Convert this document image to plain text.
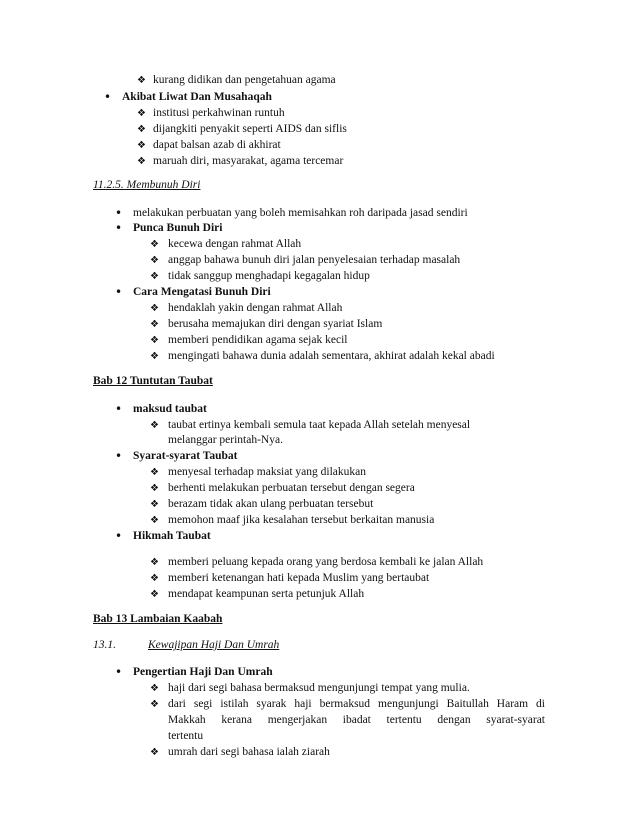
❖ kurang didikan dan pengetahuan agama
• Akibat Liwat Dan Musahaqah
❖ institusi perkahwinan runtuh
❖ dijangkiti penyakit seperti AIDS dan siflis
❖ dapat balsan azab di akhirat
❖ maruah diri, masyarakat, agama tercemar
11.2.5. Membunuh Diri
• melakukan perbuatan yang boleh memisahkan roh daripada jasad sendiri
• Punca Bunuh Diri
❖ kecewa dengan rahmat Allah
❖ anggap bahawa bunuh diri jalan penyelesaian terhadap masalah
❖ tidak sanggup menghadapi kegagalan hidup
• Cara Mengatasi Bunuh Diri
❖ hendaklah yakin dengan rahmat Allah
❖ berusaha memajukan diri dengan syariat Islam
❖ memberi pendidikan agama sejak kecil
❖ mengingati bahawa dunia adalah sementara, akhirat adalah kekal abadi
Bab 12 Tuntutan Taubat
• maksud taubat
❖ taubat ertinya kembali semula taat kepada Allah setelah menyesal
melanggar perintah-Nya.
• Syarat-syarat Taubat
❖ menyesal terhadap maksiat yang dilakukan
❖ berhenti melakukan perbuatan tersebut dengan segera
❖ berazam tidak akan ulang perbuatan tersebut
❖ memohon maaf jika kesalahan tersebut berkaitan manusia
• Hikmah Taubat
❖ memberi peluang kepada orang yang berdosa kembali ke jalan Allah
❖ memberi ketenangan hati kepada Muslim yang bertaubat
❖ mendapat keampunan serta petunjuk Allah
Bab 13 Lambaian Kaabah
13.1.	Kewajipan Haji Dan Umrah
• Pengertian Haji Dan Umrah
❖ haji dari segi bahasa bermaksud mengunjungi tempat yang mulia.
❖ dari segi istilah syarak haji bermaksud mengunjungi Baitullah Haram di
Makkah kerana mengerjakan ibadat tertentu dengan syarat-syarat
tertentu
❖ umrah dari segi bahasa ialah ziarah
